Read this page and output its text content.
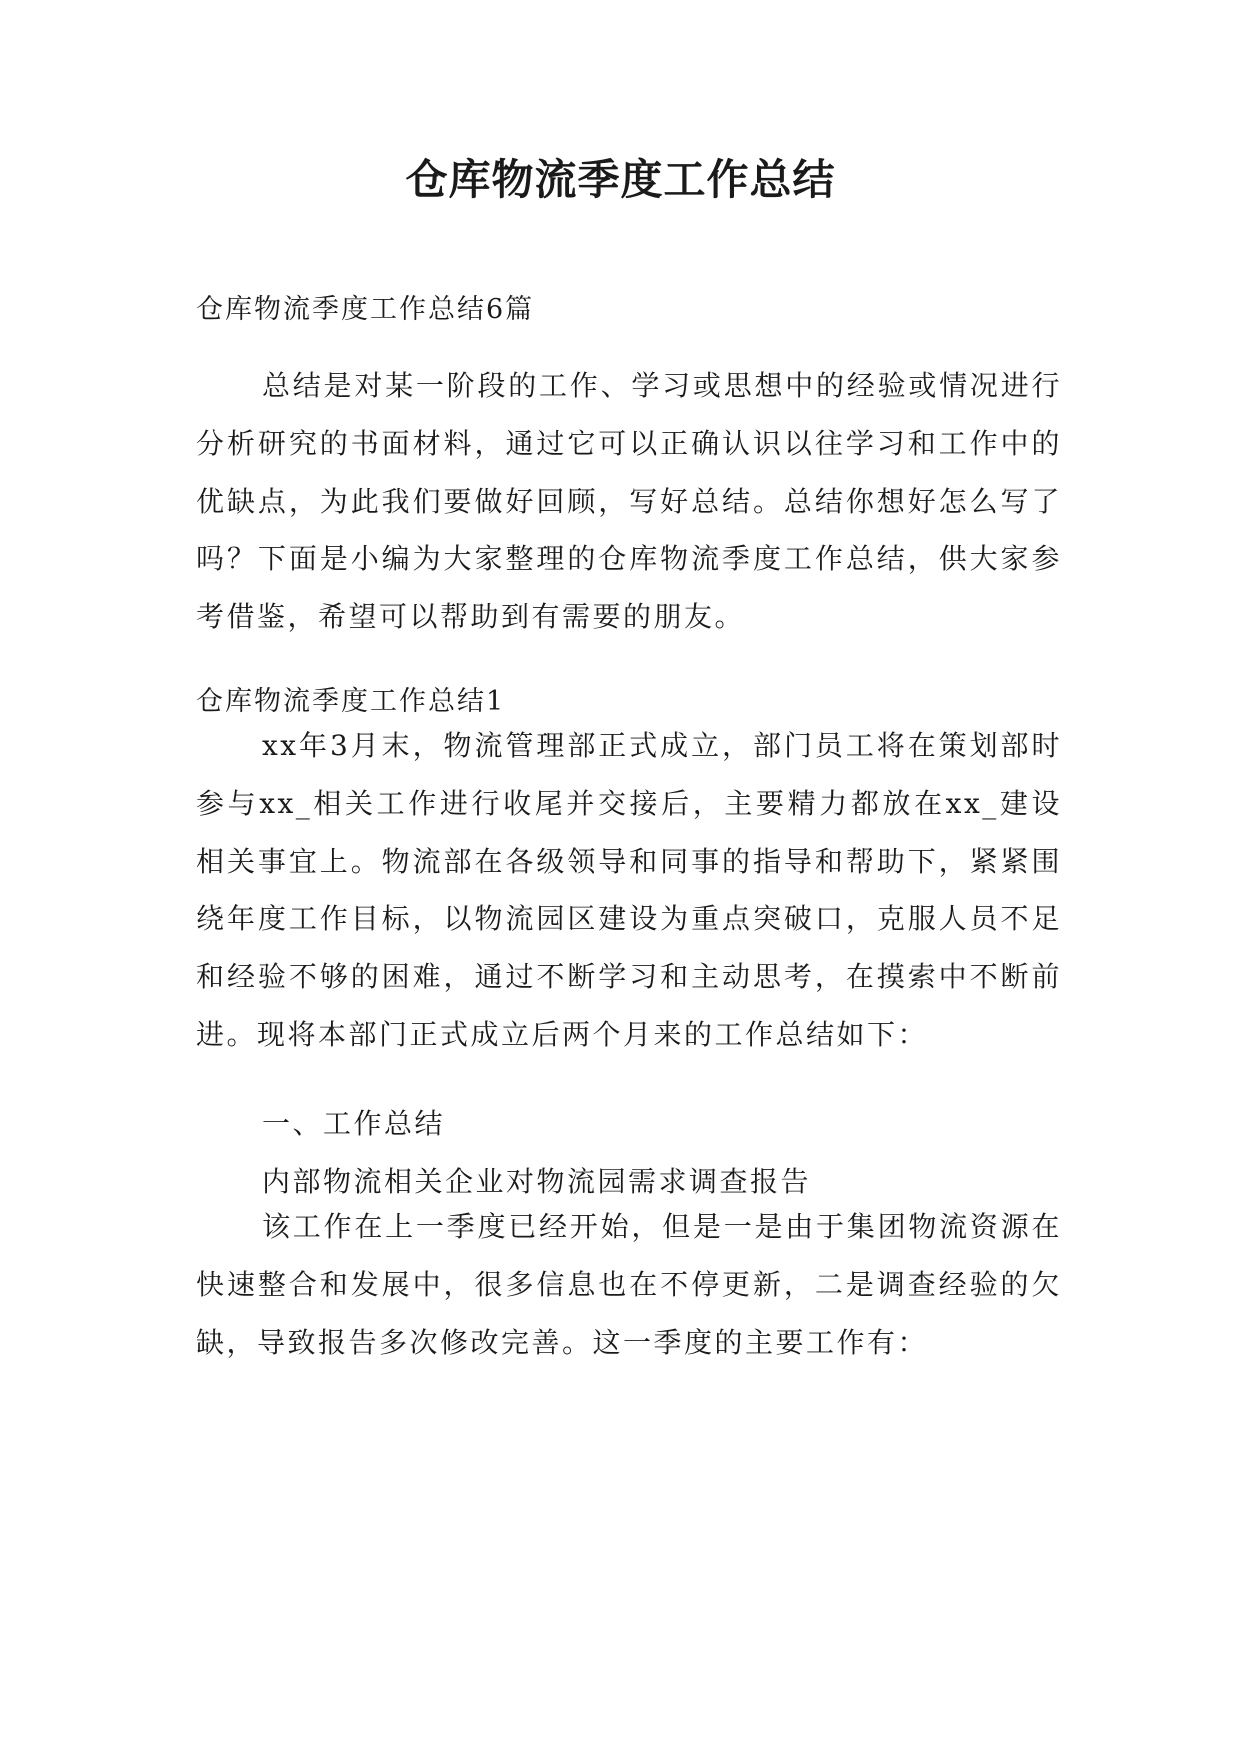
仓库物流季度工作总结

仓库物流季度工作总结6篇

总结是对某一阶段的工作、学习或思想中的经验或情况进行分析研究的书面材料，通过它可以正确认识以往学习和工作中的优缺点，为此我们要做好回顾，写好总结。总结你想好怎么写了吗？下面是小编为大家整理的仓库物流季度工作总结，供大家参考借鉴，希望可以帮助到有需要的朋友。

仓库物流季度工作总结1

xx年3月末，物流管理部正式成立，部门员工将在策划部时参与xx_相关工作进行收尾并交接后，主要精力都放在xx_建设相关事宜上。物流部在各级领导和同事的指导和帮助下，紧紧围绕年度工作目标，以物流园区建设为重点突破口，克服人员不足和经验不够的困难，通过不断学习和主动思考，在摸索中不断前进。现将本部门正式成立后两个月来的工作总结如下：

一、工作总结

内部物流相关企业对物流园需求调查报告

该工作在上一季度已经开始，但是一是由于集团物流资源在快速整合和发展中，很多信息也在不停更新，二是调查经验的欠缺，导致报告多次修改完善。这一季度的主要工作有：
